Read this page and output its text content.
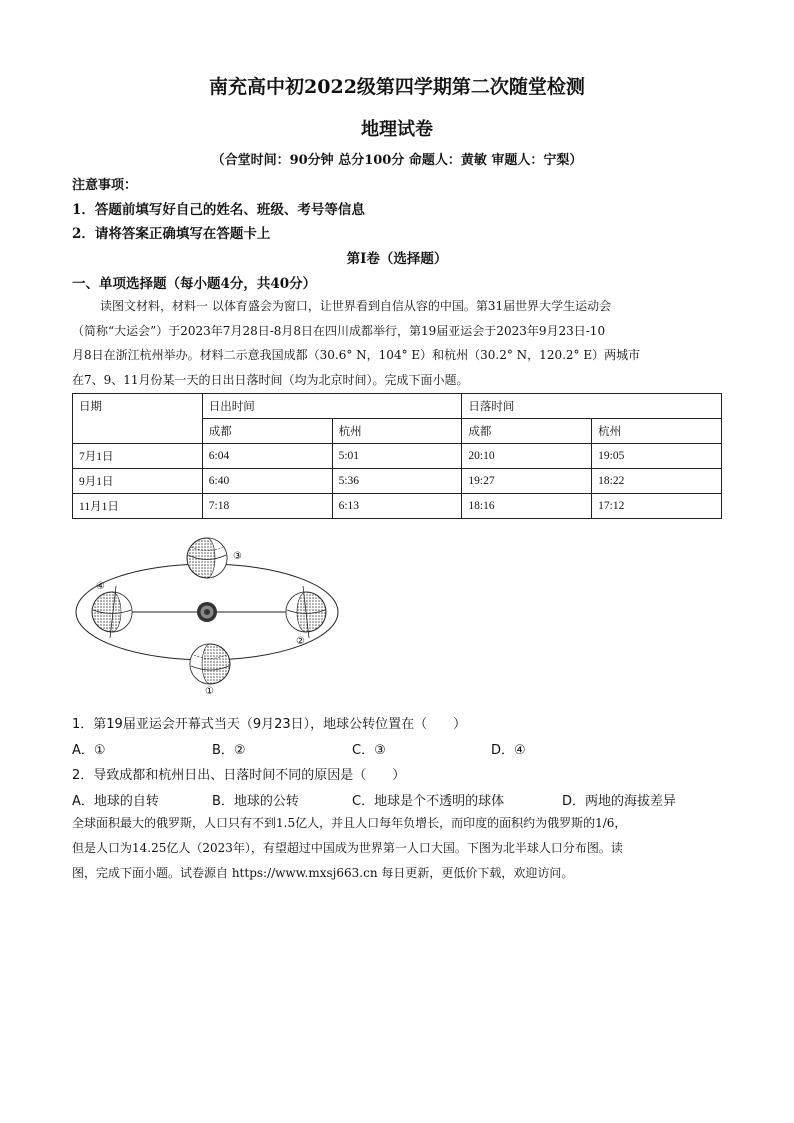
南充高中初2022级第四学期第二次随堂检测
地理试卷
（合堂时间：90分钟 总分100分 命题人：黄敏 审题人：宁梨）
注意事项：
1．答题前填写好自己的姓名、班级、考号等信息
2．请将答案正确填写在答题卡上
第Ⅰ卷（选择题）
一、单项选择题（每小题4分，共40分）
读图文材料，材料一 以体育盛会为窗口，让世界看到自信从容的中国。第31届世界大学生运动会
（简称“大运会”）于2023年7月28日-8月8日在四川成都举行，第19届亚运会于2023年9月23日-10
月8日在浙江杭州举办。材料二示意我国成都（30.6° N，104° E）和杭州（30.2° N，120.2° E）两城市
在7、9、11月份某一天的日出日落时间（均为北京时间）。完成下面小题。
日期	日出时间		日落时间	
	成都	杭州	成都	杭州
7月1日	6:04	5:01	20:10	19:05
9月1日	6:40	5:36	19:27	18:22
11月1日	7:18	6:13	18:16	17:12
③
②
①
④
1．第19届亚运会开幕式当天（9月23日），地球公转位置在（　　）
A．①	B．②	C．③	D．④
2．导致成都和杭州日出、日落时间不同的原因是（　　）
A．地球的自转	B．地球的公转	C．地球是个不透明的球体	D．两地的海拔差异
全球面积最大的俄罗斯，人口只有不到1.5亿人，并且人口每年负增长，而印度的面积约为俄罗斯的1/6，
但是人口为14.25亿人（2023年），有望超过中国成为世界第一人口大国。下图为北半球人口分布图。读
图，完成下面小题。试卷源自 https://www.mxsj663.cn 每日更新，更低价下载，欢迎访问。
